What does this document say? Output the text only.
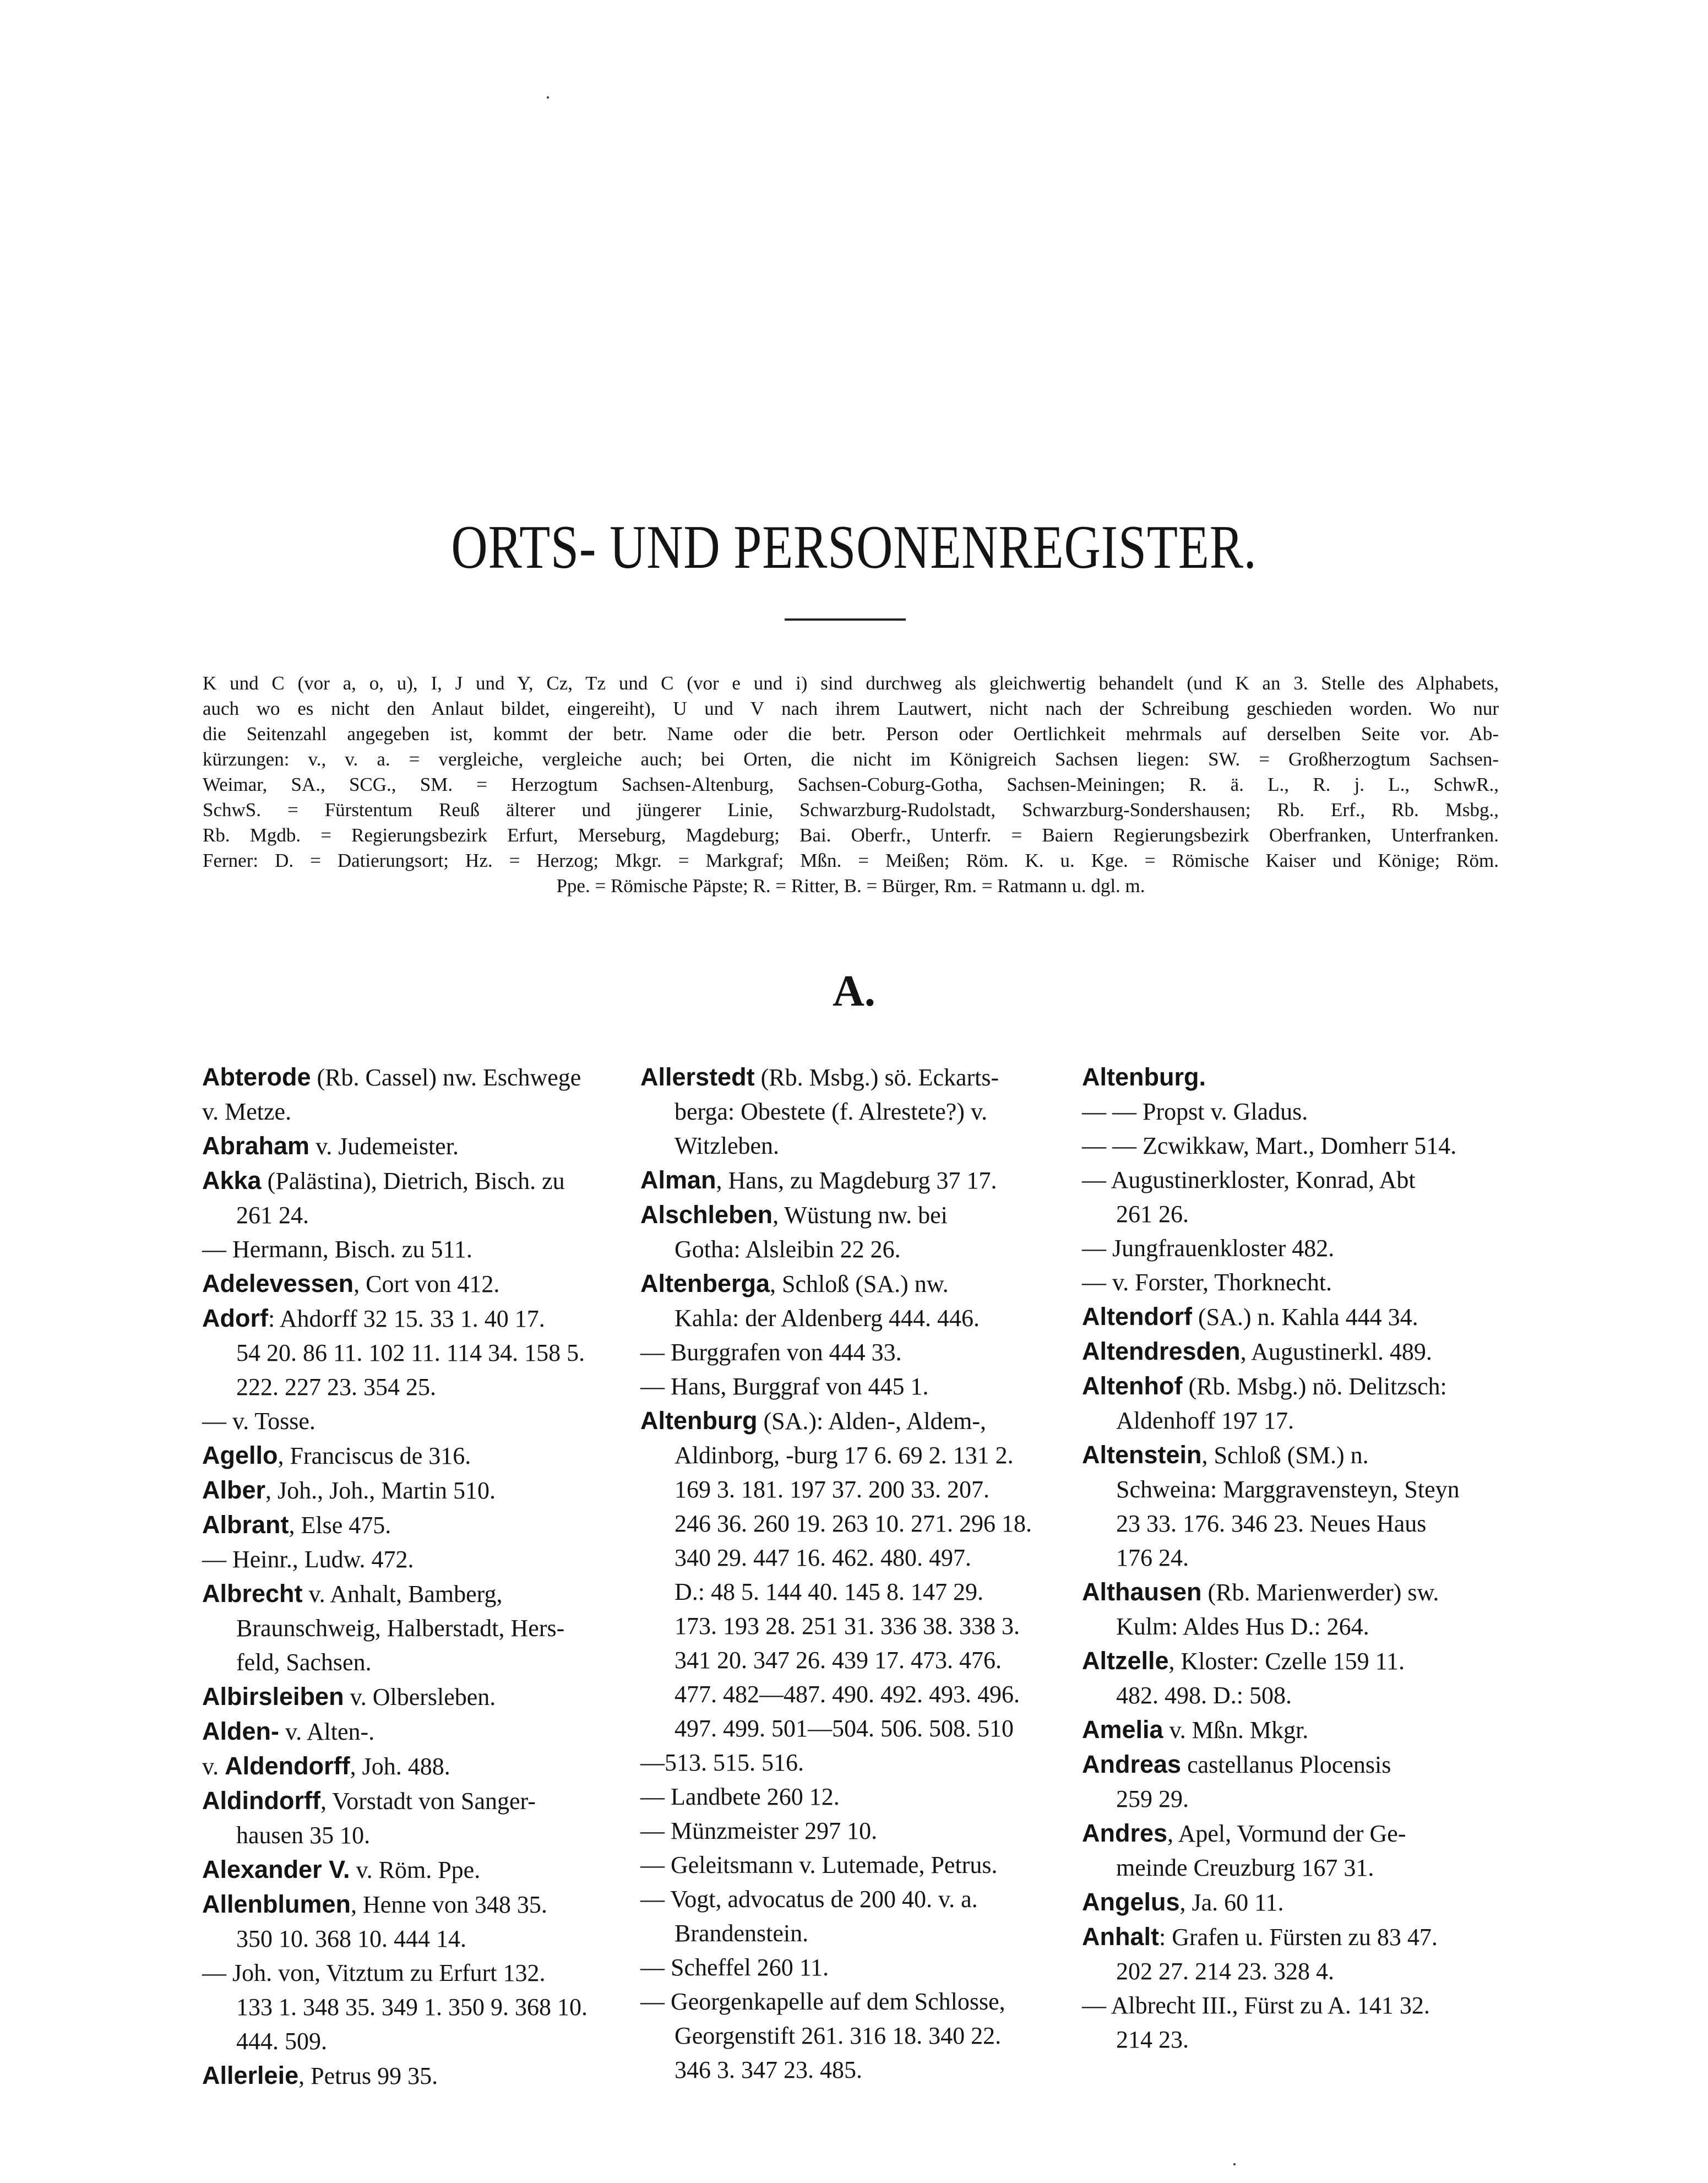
ORTS- UND PERSONENREGISTER.
K und C (vor a, o, u), I, J und Y, Cz, Tz und C (vor e und i) sind durchweg als gleichwertig behandelt (und K an 3. Stelle des Alphabets,
auch wo es nicht den Anlaut bildet, eingereiht), U und V nach ihrem Lautwert, nicht nach der Schreibung geschieden worden. Wo nur
die Seitenzahl angegeben ist, kommt der betr. Name oder die betr. Person oder Oertlichkeit mehrmals auf derselben Seite vor. Ab-
kürzungen: v., v. a. = vergleiche, vergleiche auch; bei Orten, die nicht im Königreich Sachsen liegen: SW. = Großherzogtum Sachsen-
Weimar, SA., SCG., SM. = Herzogtum Sachsen-Altenburg, Sachsen-Coburg-Gotha, Sachsen-Meiningen; R. ä. L., R. j. L., SchwR.,
SchwS. = Fürstentum Reuß älterer und jüngerer Linie, Schwarzburg-Rudolstadt, Schwarzburg-Sondershausen; Rb. Erf., Rb. Msbg.,
Rb. Mgdb. = Regierungsbezirk Erfurt, Merseburg, Magdeburg; Bai. Oberfr., Unterfr. = Baiern Regierungsbezirk Oberfranken, Unterfranken.
Ferner: D. = Datierungsort; Hz. = Herzog; Mkgr. = Markgraf; Mßn. = Meißen; Röm. K. u. Kge. = Römische Kaiser und Könige; Röm.
Ppe. = Römische Päpste; R. = Ritter, B. = Bürger, Rm. = Ratmann u. dgl. m.
A.
Abterode (Rb. Cassel) nw. Eschwege
v. Metze.
Abraham v. Judemeister.
Akka (Palästina), Dietrich, Bisch. zu
261 24.
— Hermann, Bisch. zu 511.
Adelevessen, Cort von 412.
Adorf: Ahdorff 32 15. 33 1. 40 17.
54 20. 86 11. 102 11. 114 34. 158 5.
222. 227 23. 354 25.
— v. Tosse.
Agello, Franciscus de 316.
Alber, Joh., Joh., Martin 510.
Albrant, Else 475.
— Heinr., Ludw. 472.
Albrecht v. Anhalt, Bamberg,
Braunschweig, Halberstadt, Hers-
feld, Sachsen.
Albirsleiben v. Olbersleben.
Alden- v. Alten-.
v. Aldendorff, Joh. 488.
Aldindorff, Vorstadt von Sanger-
hausen 35 10.
Alexander V. v. Röm. Ppe.
Allenblumen, Henne von 348 35.
350 10. 368 10. 444 14.
— Joh. von, Vitztum zu Erfurt 132.
133 1. 348 35. 349 1. 350 9. 368 10.
444. 509.
Allerleie, Petrus 99 35.
Allerstedt (Rb. Msbg.) sö. Eckarts-
berga: Obestete (f. Alrestete?) v.
Witzleben.
Alman, Hans, zu Magdeburg 37 17.
Alschleben, Wüstung nw. bei
Gotha: Alsleibin 22 26.
Altenberga, Schloß (SA.) nw.
Kahla: der Aldenberg 444. 446.
— Burggrafen von 444 33.
— Hans, Burggraf von 445 1.
Altenburg (SA.): Alden-, Aldem-,
Aldinborg, -burg 17 6. 69 2. 131 2.
169 3. 181. 197 37. 200 33. 207.
246 36. 260 19. 263 10. 271. 296 18.
340 29. 447 16. 462. 480. 497.
D.: 48 5. 144 40. 145 8. 147 29.
173. 193 28. 251 31. 336 38. 338 3.
341 20. 347 26. 439 17. 473. 476.
477. 482—487. 490. 492. 493. 496.
497. 499. 501—504. 506. 508. 510
—513. 515. 516.
— Landbete 260 12.
— Münzmeister 297 10.
— Geleitsmann v. Lutemade, Petrus.
— Vogt, advocatus de 200 40. v. a.
Brandenstein.
— Scheffel 260 11.
— Georgenkapelle auf dem Schlosse,
Georgenstift 261. 316 18. 340 22.
346 3. 347 23. 485.
Altenburg.
— — Propst v. Gladus.
— — Zcwikkaw, Mart., Domherr 514.
— Augustinerkloster, Konrad, Abt
261 26.
— Jungfrauenkloster 482.
— v. Forster, Thorknecht.
Altendorf (SA.) n. Kahla 444 34.
Altendresden, Augustinerkl. 489.
Altenhof (Rb. Msbg.) nö. Delitzsch:
Aldenhoff 197 17.
Altenstein, Schloß (SM.) n.
Schweina: Marggravensteyn, Steyn
23 33. 176. 346 23. Neues Haus
176 24.
Althausen (Rb. Marienwerder) sw.
Kulm: Aldes Hus D.: 264.
Altzelle, Kloster: Czelle 159 11.
482. 498. D.: 508.
Amelia v. Mßn. Mkgr.
Andreas castellanus Plocensis
259 29.
Andres, Apel, Vormund der Ge-
meinde Creuzburg 167 31.
Angelus, Ja. 60 11.
Anhalt: Grafen u. Fürsten zu 83 47.
202 27. 214 23. 328 4.
— Albrecht III., Fürst zu A. 141 32.
214 23.
